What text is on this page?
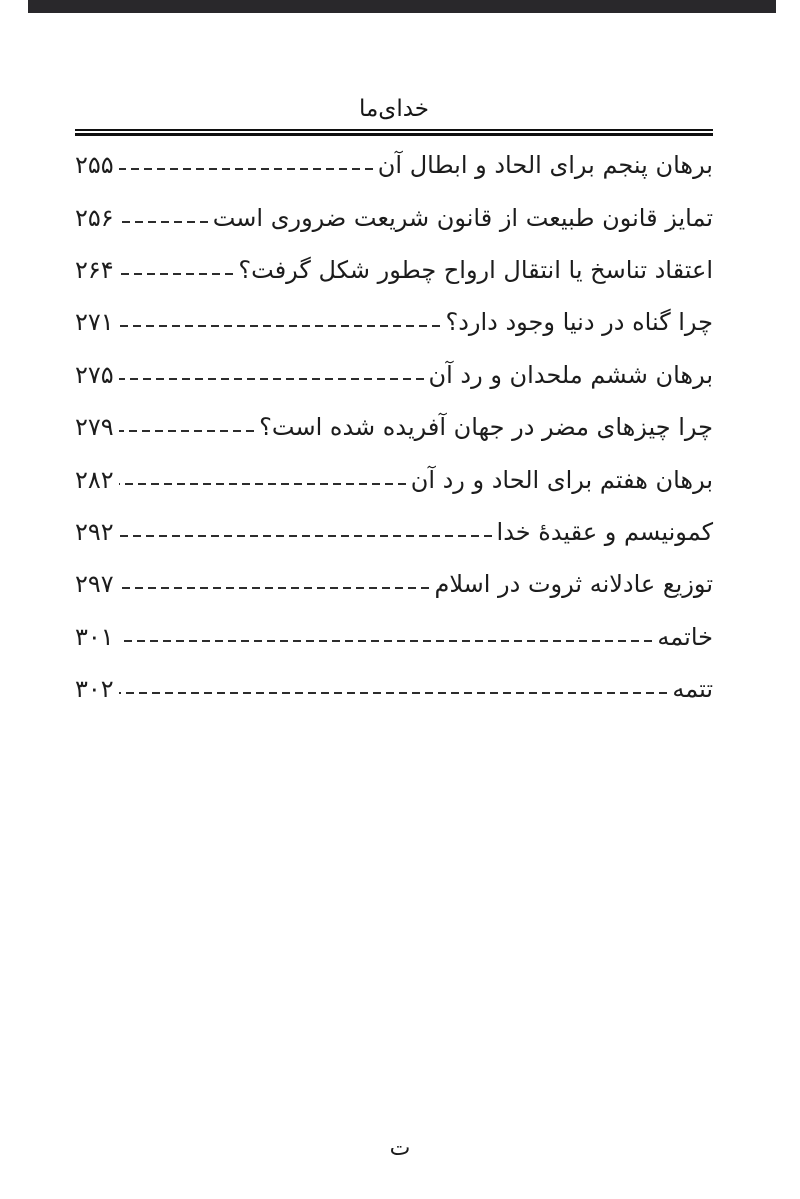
خدای‌ما
برهان پنجم برای الحاد و ابطال آن
۲۵۵
تمایز قانون طبیعت از قانون شریعت ضروری است
۲۵۶
اعتقاد تناسخ یا انتقال ارواح چطور شکل گرفت؟
۲۶۴
چرا گناه در دنیا وجود دارد؟
۲۷۱
برهان ششم ملحدان و رد آن
۲۷۵
چرا چیزهای مضر در جهان آفریده شده است؟
۲۷۹
برهان هفتم برای الحاد و رد آن
۲۸۲
کمونیسم و عقیدهٔ خدا
۲۹۲
توزیع عادلانه ثروت در اسلام
۲۹۷
خاتمه
۳۰۱
تتمه
۳۰۲
ت
